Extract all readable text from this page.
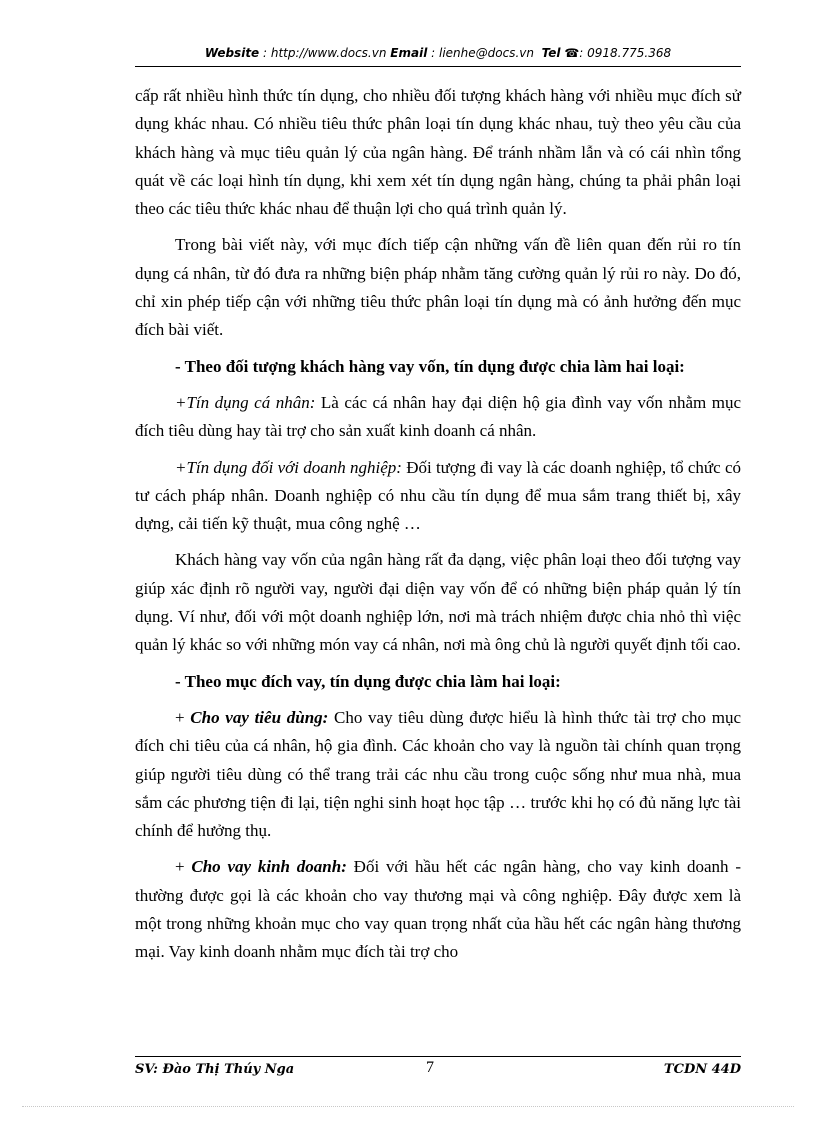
Website : http://www.docs.vn Email : lienhe@docs.vn Tel ☎: 0918.775.368

cấp rất nhiều hình thức tín dụng, cho nhiều đối tượng khách hàng với nhiều mục đích sử dụng khác nhau. Có nhiều tiêu thức phân loại tín dụng khác nhau, tuỳ theo yêu cầu của khách hàng và mục tiêu quản lý của ngân hàng. Để tránh nhầm lẫn và có cái nhìn tổng quát về các loại hình tín dụng, khi xem xét tín dụng ngân hàng, chúng ta phải phân loại theo các tiêu thức khác nhau để thuận lợi cho quá trình quản lý.

Trong bài viết này, với mục đích tiếp cận những vấn đề liên quan đến rủi ro tín dụng cá nhân, từ đó đưa ra những biện pháp nhằm tăng cường quản lý rủi ro này. Do đó, chỉ xin phép tiếp cận với những tiêu thức phân loại tín dụng mà có ảnh hưởng đến mục đích bài viết.

- Theo đối tượng khách hàng vay vốn, tín dụng được chia làm hai loại:

+Tín dụng cá nhân: Là các cá nhân hay đại diện hộ gia đình vay vốn nhằm mục đích tiêu dùng hay tài trợ cho sản xuất kinh doanh cá nhân.

+Tín dụng đối với doanh nghiệp: Đối tượng đi vay là các doanh nghiệp, tổ chức có tư cách pháp nhân. Doanh nghiệp có nhu cầu tín dụng để mua sắm trang thiết bị, xây dựng, cải tiến kỹ thuật, mua công nghệ …

Khách hàng vay vốn của ngân hàng rất đa dạng, việc phân loại theo đối tượng vay giúp xác định rõ người vay, người đại diện vay vốn để có những biện pháp quản lý tín dụng. Ví như, đối với một doanh nghiệp lớn, nơi mà trách nhiệm được chia nhỏ thì việc quản lý khác so với những món vay cá nhân, nơi mà ông chủ là người quyết định tối cao.

- Theo mục đích vay, tín dụng được chia làm hai loại:

+ Cho vay tiêu dùng: Cho vay tiêu dùng được hiểu là hình thức tài trợ cho mục đích chi tiêu của cá nhân, hộ gia đình. Các khoản cho vay là nguồn tài chính quan trọng giúp người tiêu dùng có thể trang trải các nhu cầu trong cuộc sống như mua nhà, mua sắm các phương tiện đi lại, tiện nghi sinh hoạt học tập … trước khi họ có đủ năng lực tài chính để hưởng thụ.

+ Cho vay kinh doanh: Đối với hầu hết các ngân hàng, cho vay kinh doanh - thường được gọi là các khoản cho vay thương mại và công nghiệp. Đây được xem là một trong những khoản mục cho vay quan trọng nhất của hầu hết các ngân hàng thương mại. Vay kinh doanh nhằm mục đích tài trợ cho

SV: Đào Thị Thúy Nga	7	TCDN 44D
